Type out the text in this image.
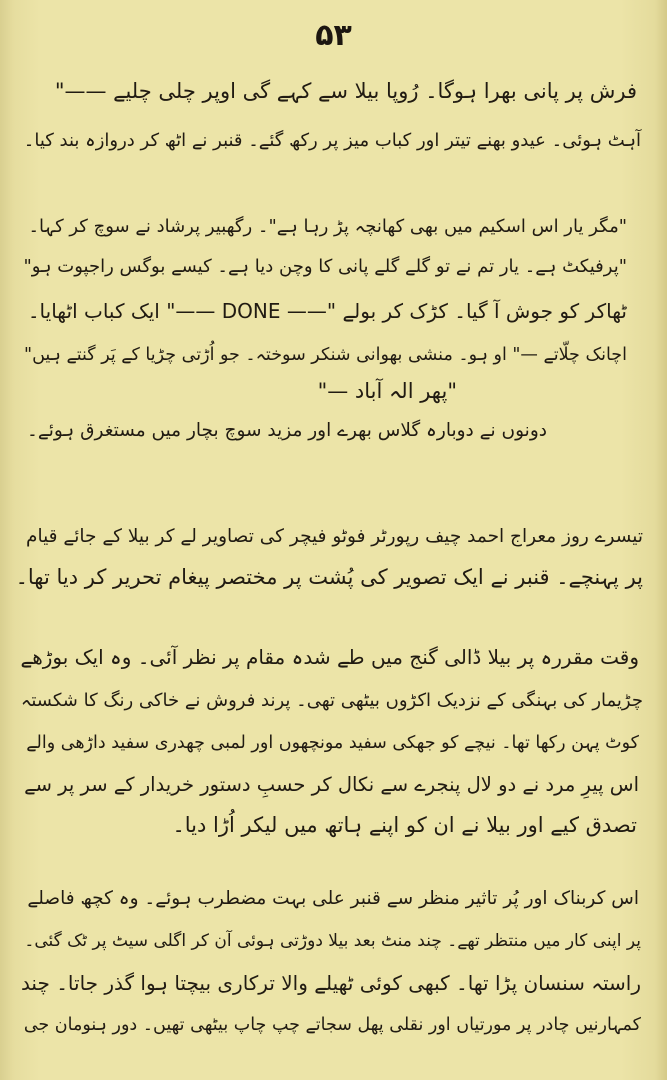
۵۳
فرش پر پانی بھرا ہوگا۔ رُوپا بیلا سے کہے گی اوپر چلی چلیے ——"
آہٹ ہوئی۔ عیدو بھنے تیتر اور کباب میز پر رکھ گئے۔ قنبر نے اٹھ کر دروازہ بند کیا۔
"مگر یار اس اسکیم میں بھی کھانچہ پڑ رہا ہے"۔ رگھبیر پرشاد نے سوچ کر کہا۔
"پرفیکٹ ہے۔ یار تم نے تو گلے گلے پانی کا وچن دیا ہے۔ کیسے بوگس راجپوت ہو"
ٹھاکر کو جوش آ گیا۔ کڑک کر بولے "—— DONE ——" ایک کباب اٹھایا۔
اچانک چلّاتے —" او ہو۔ منشی بھوانی شنکر سوختہ۔ جو اُڑتی چڑیا کے پَر گنتے ہیں"
"پھر الہ آباد —"
دونوں نے دوبارہ گلاس بھرے اور مزید سوچ بچار میں مستغرق ہوئے۔
تیسرے روز معراج احمد چیف رپورٹر فوٹو فیچر کی تصاویر لے کر بیلا کے جائے قیام
پر پہنچے۔ قنبر نے ایک تصویر کی پُشت پر مختصر پیغام تحریر کر دیا تھا۔
وقت مقررہ پر بیلا ڈالی گنج میں طے شدہ مقام پر نظر آئی۔ وہ ایک بوڑھے
چڑیمار کی بہنگی کے نزدیک اکڑوں بیٹھی تھی۔ پرند فروش نے خاکی رنگ کا شکستہ
کوٹ پہن رکھا تھا۔ نیچے کو جھکی سفید مونچھوں اور لمبی چھدری سفید داڑھی والے
اس پیرِ مرد نے دو لال پنجرے سے نکال کر حسبِ دستور خریدار کے سر پر سے
تصدق کیے اور بیلا نے ان کو اپنے ہاتھ میں لیکر اُڑا دیا۔
اس کربناک اور پُر تاثیر منظر سے قنبر علی بہت مضطرب ہوئے۔ وہ کچھ فاصلے
پر اپنی کار میں منتظر تھے۔ چند منٹ بعد بیلا دوڑتی ہوئی آن کر اگلی سیٹ پر ٹک گئی۔
راستہ سنسان پڑا تھا۔ کبھی کوئی ٹھیلے والا ترکاری بیچتا ہوا گذر جاتا۔ چند
کمہارنیں چادر پر مورتیاں اور نقلی پھل سجاتے چپ چاپ بیٹھی تھیں۔ دور ہنومان جی
